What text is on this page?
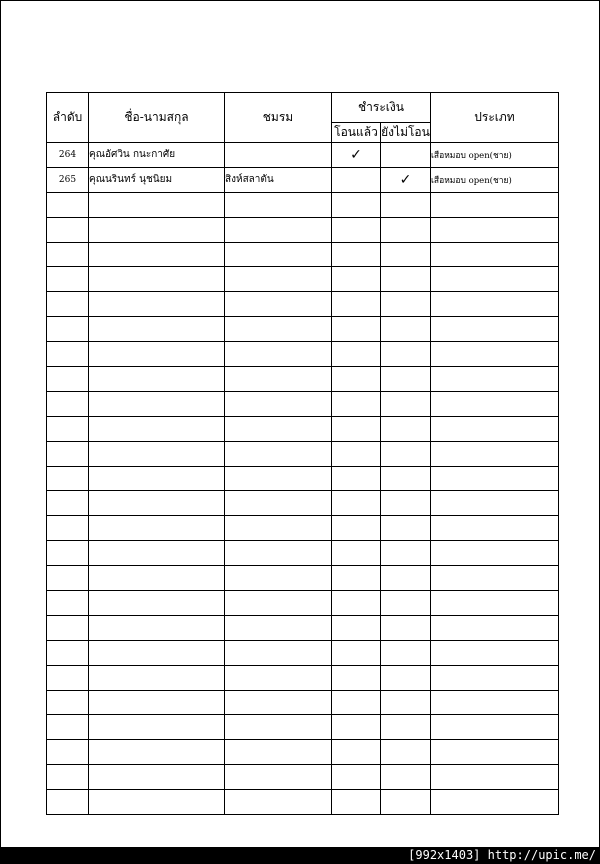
ลำดับ	ชื่อ-นามสกุล	ชมรม	ชำระเงิน		ประเภท
			โอนแล้ว	ยังไม่โอน	
264	คุณอัศวิน กนะกาศัย		✓		เสือหมอบ open(ชาย)
265	คุณนรินทร์ นุชนิยม	สิงห์สลาตัน		✓	เสือหมอบ open(ชาย)

[992x1403] http://upic.me/
